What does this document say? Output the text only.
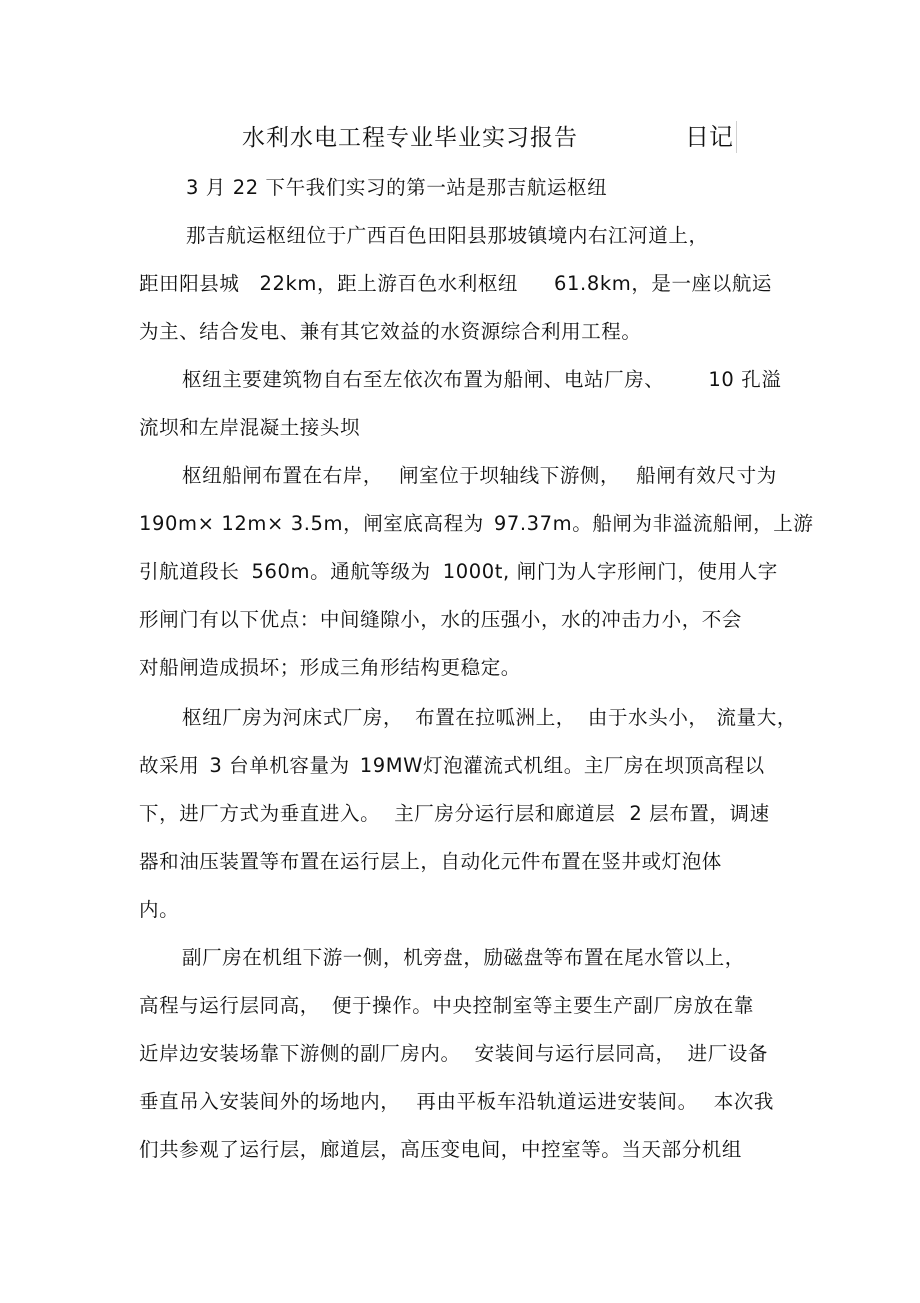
水利水电工程专业毕业实习报告	日记
3 月 22 下午我们实习的第一站是那吉航运枢纽
那吉航运枢纽位于广西百色田阳县那坡镇境内右江河道上，
距田阳县城 22km，距上游百色水利枢纽 61.8km，是一座以航运
为主、结合发电、兼有其它效益的水资源综合利用工程。
枢纽主要建筑物自右至左依次布置为船闸、电站厂房、 10 孔溢
流坝和左岸混凝土接头坝
枢纽船闸布置在右岸， 闸室位于坝轴线下游侧， 船闸有效尺寸为
190m× 12m× 3.5m，闸室底高程为 97.37m。船闸为非溢流船闸，上游
引航道段长 560m。通航等级为 1000t, 闸门为人字形闸门，使用人字
形闸门有以下优点：中间缝隙小，水的压强小，水的冲击力小，不会
对船闸造成损坏；形成三角形结构更稳定。
枢纽厂房为河床式厂房， 布置在拉呱洲上， 由于水头小， 流量大，
故采用 3 台单机容量为 19MW灯泡灌流式机组。主厂房在坝顶高程以
下，进厂方式为垂直进入。 主厂房分运行层和廊道层 2 层布置，调速
器和油压装置等布置在运行层上，自动化元件布置在竖井或灯泡体
内。
副厂房在机组下游一侧，机旁盘，励磁盘等布置在尾水管以上，
高程与运行层同高， 便于操作。中央控制室等主要生产副厂房放在靠
近岸边安装场靠下游侧的副厂房内。 安装间与运行层同高， 进厂设备
垂直吊入安装间外的场地内， 再由平板车沿轨道运进安装间。 本次我
们共参观了运行层，廊道层，高压变电间，中控室等。当天部分机组
